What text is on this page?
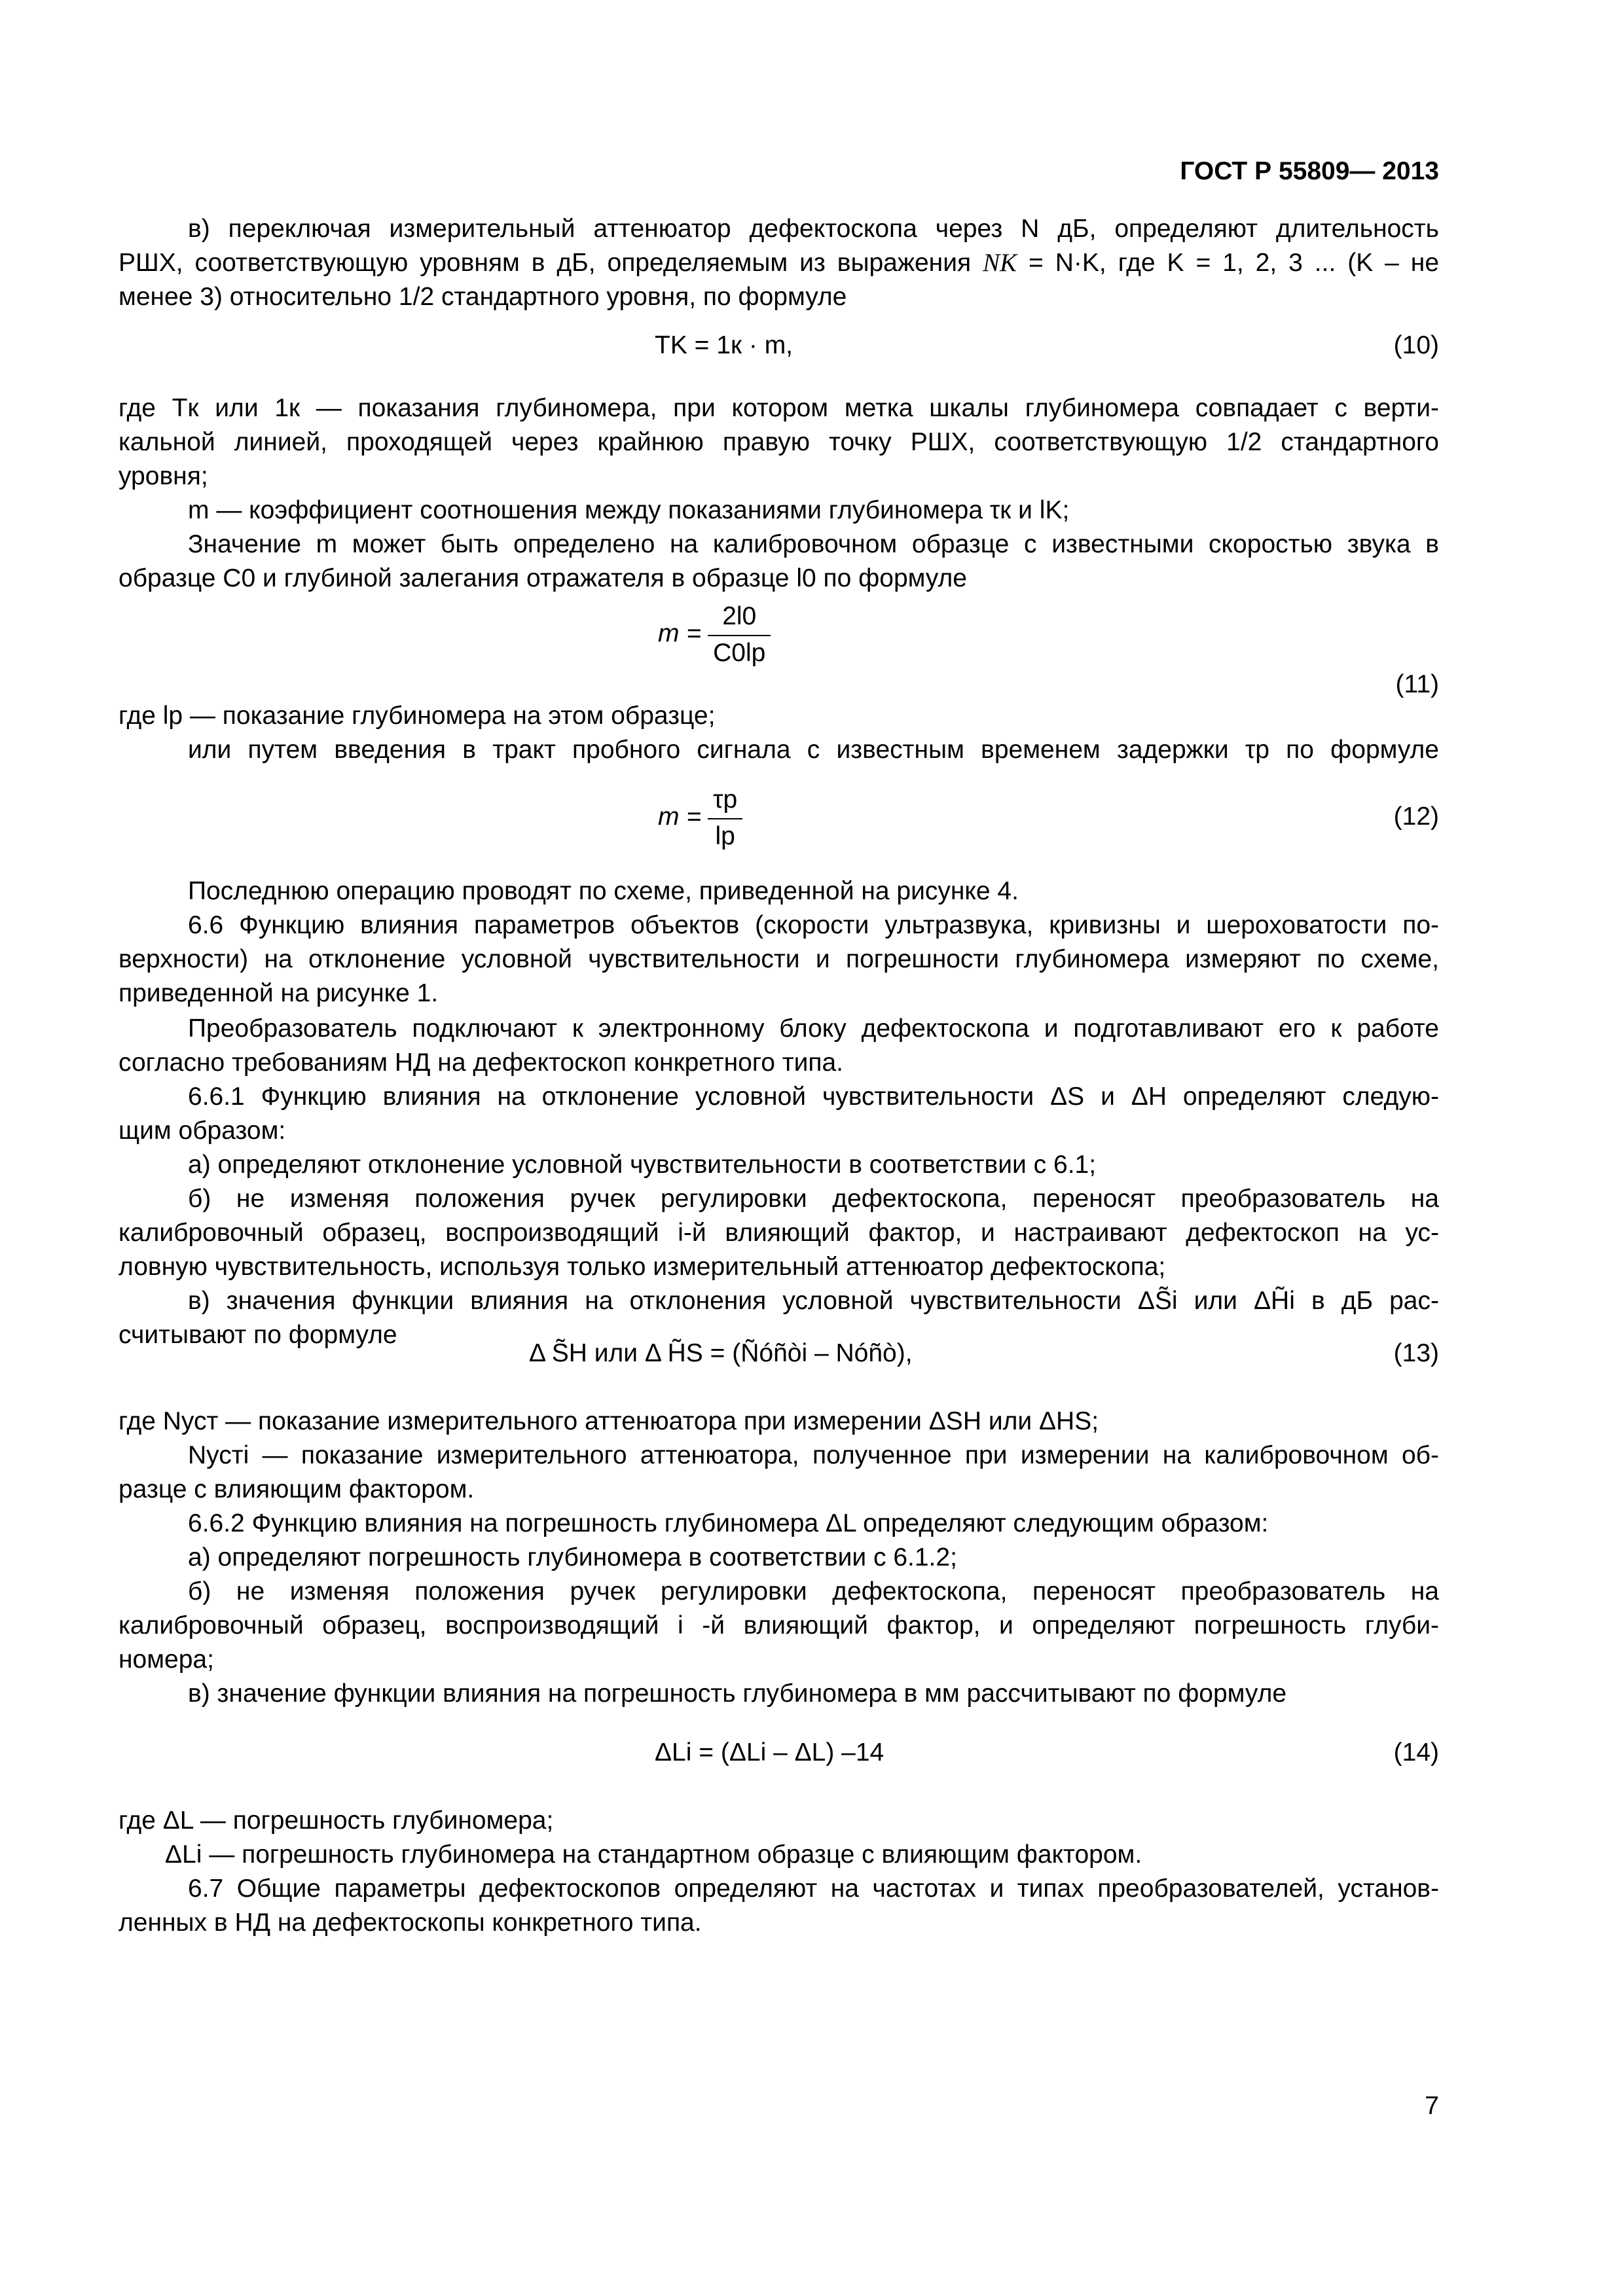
ГОСТ Р 55809— 2013
в) переключая измерительный аттенюатор дефектоскопа через N дБ, определяют длительность
РШХ, соответствующую уровням в дБ, определяемым из выражения NK = N·K, где K = 1, 2, 3 ... (K – не
менее 3) относительно 1/2 стандартного уровня, по формуле
TK = 1к · m,	(10)
где Tк или 1к — показания глубиномера, при котором метка шкалы глубиномера совпадает с верти-
кальной линией, проходящей через крайнюю правую точку РШХ, соответствующую 1/2 стандартного
уровня;
m — коэффициент соотношения между показаниями глубиномера τк и lK;
Значение m может быть определено на калибровочном образце с известными скоростью звука в
образце C0 и глубиной залегания отражателя в образце l0 по формуле
$m = \frac{2l0}{C0lp}$
(11)
где lp — показание глубиномера на этом образце;
или путем введения в тракт пробного сигнала с известным временем задержки τр по формуле
$m = \frac{\tau p}{lp}$	(12)
Последнюю операцию проводят по схеме, приведенной на рисунке 4.
6.6 Функцию влияния параметров объектов (скорости ультразвука, кривизны и шероховатости по-
верхности) на отклонение условной чувствительности и погрешности глубиномера измеряют по схеме,
приведенной на рисунке 1.
Преобразователь подключают к электронному блоку дефектоскопа и подготавливают его к работе
согласно требованиям НД на дефектоскоп конкретного типа.
6.6.1 Функцию влияния на отклонение условной чувствительности ΔS и ΔH определяют следую-
щим образом:
а) определяют отклонение условной чувствительности в соответствии с 6.1;
б) не изменяя положения ручек регулировки дефектоскопа, переносят преобразователь на
калибровочный образец, воспроизводящий i-й влияющий фактор, и настраивают дефектоскоп на ус-
ловную чувствительность, используя только измерительный аттенюатор дефектоскопа;
в) значения функции влияния на отклонения условной чувствительности ΔS̃i или ΔH̃i в дБ рас-
считывают по формуле
Δ S̃H или Δ H̃S = (Ñóñòi – Nóñò),	(13)
где Nуст — показание измерительного аттенюатора при измерении ΔSH или ΔHS;
Nустi — показание измерительного аттенюатора, полученное при измерении на калибровочном об-
разце с влияющим фактором.
6.6.2 Функцию влияния на погрешность глубиномера ΔL определяют следующим образом:
а) определяют погрешность глубиномера в соответствии с 6.1.2;
б) не изменяя положения ручек регулировки дефектоскопа, переносят преобразователь на
калибровочный образец, воспроизводящий i -й влияющий фактор, и определяют погрешность глуби-
номера;
в) значение функции влияния на погрешность глубиномера в мм рассчитывают по формуле
ΔLi = (ΔLi – ΔL) –14	(14)
где ΔL — погрешность глубиномера;
ΔLi — погрешность глубиномера на стандартном образце с влияющим фактором.
6.7 Общие параметры дефектоскопов определяют на частотах и типах преобразователей, установ-
ленных в НД на дефектоскопы конкретного типа.
7
